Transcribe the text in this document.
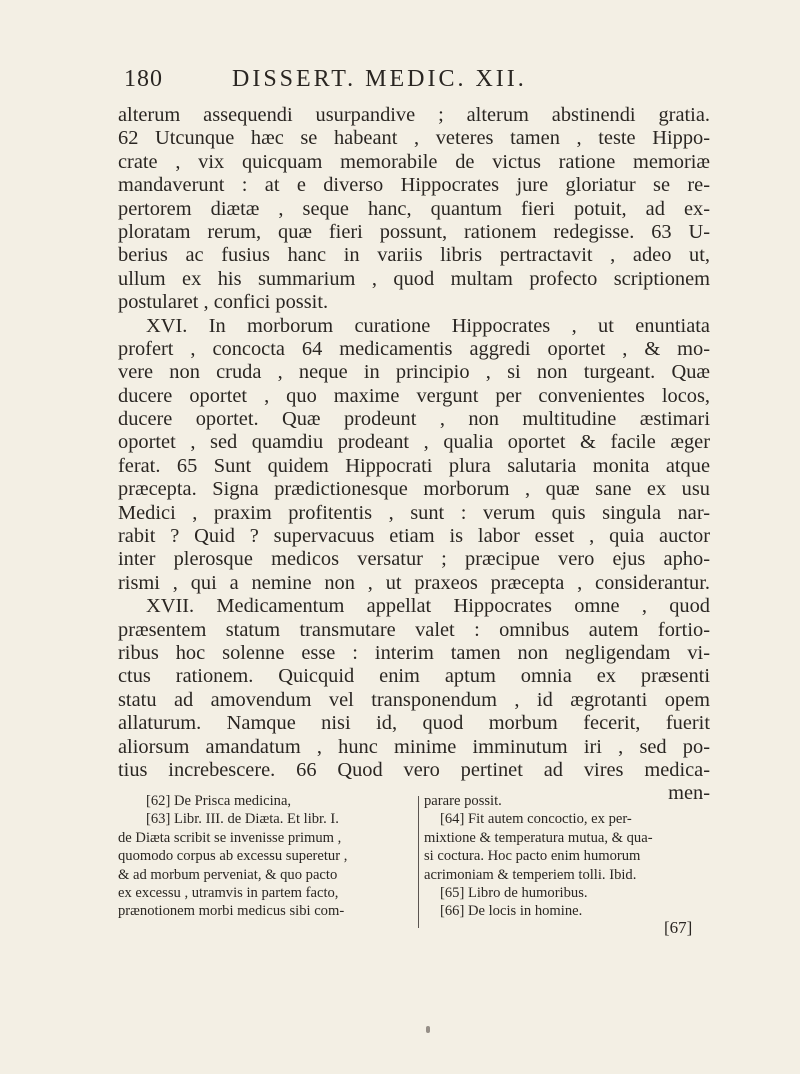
180	DISSERT. MEDIC. XII.
alterum assequendi usurpandive ; alterum abstinendi gratia.
62 Utcunque hæc se habeant , veteres tamen , teste Hippo-
crate , vix quicquam memorabile de victus ratione memoriæ
mandaverunt : at e diverso Hippocrates jure gloriatur se re-
pertorem diætæ , seque hanc, quantum fieri potuit, ad ex-
ploratam rerum, quæ fieri possunt, rationem redegisse. 63 U-
berius ac fusius hanc in variis libris pertractavit , adeo ut,
ullum ex his summarium , quod multam profecto scriptionem
postularet , confici possit.
XVI. In morborum curatione Hippocrates , ut enuntiata
profert , concocta 64 medicamentis aggredi oportet , & mo-
vere non cruda , neque in principio , si non turgeant. Quæ
ducere oportet , quo maxime vergunt per convenientes locos,
ducere oportet. Quæ prodeunt , non multitudine æstimari
oportet , sed quamdiu prodeant , qualia oportet & facile æger
ferat. 65 Sunt quidem Hippocrati plura salutaria monita atque
præcepta. Signa prædictionesque morborum , quæ sane ex usu
Medici , praxim profitentis , sunt : verum quis singula nar-
rabit ? Quid ? supervacuus etiam is labor esset , quia auctor
inter plerosque medicos versatur ; præcipue vero ejus apho-
rismi , qui a nemine non , ut praxeos præcepta , considerantur.
XVII. Medicamentum appellat Hippocrates omne , quod
præsentem statum transmutare valet : omnibus autem fortio-
ribus hoc solenne esse : interim tamen non negligendam vi-
ctus rationem. Quicquid enim aptum omnia ex præsenti
statu ad amovendum vel transponendum , id ægrotanti opem
allaturum. Namque nisi id, quod morbum fecerit, fuerit
aliorsum amandatum , hunc minime imminutum iri , sed po-
tius increbescere. 66 Quod vero pertinet ad vires medica-
men-
[62] De Prisca medicina,
[63] Libr. III. de Diæta. Et libr. I.
de Diæta scribit se invenisse primum ,
quomodo corpus ab excessu superetur ,
& ad morbum perveniat, & quo pacto
ex excessu , utramvis in partem facto,
prænotionem morbi medicus sibi com-
parare possit.
[64] Fit autem concoctio, ex per-
mixtione & temperatura mutua, & qua-
si coctura. Hoc pacto enim humorum
acrimoniam & temperiem tolli. Ibid.
[65] Libro de humoribus.
[66] De locis in homine.
[67]
